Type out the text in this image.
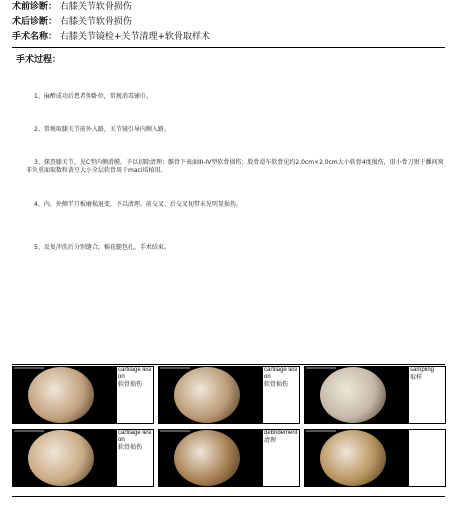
术前诊断： 右膝关节软骨损伤
术后诊断： 右膝关节软骨损伤
手术名称： 右膝关节镜检+关节清理+软骨取样术
手术过程：
1、麻醉成功后患者仰卧位，常规消毒铺巾。
2、常规取膝关节前外入路，关节镜引导内侧入路。
3、探查膝关节，见C型内侧滑膜，予以切除清理；髌骨下表面III-IV型软骨损伤；股骨滑车软骨见约2.0cm×2.0cm大小软骨4度损伤，用小骨刀钳于髁间窝非负重面取数粒黄豆大小全层软骨用于maci培植用。
4、内、外侧半月板磨损退变，予以清理。前交叉、后交叉韧带未见明显损伤。
5、反复冲洗后分别缝合，棉花腿包扎。手术结束。
cartilage lesion
软骨损伤
cartilage lesion
软骨损伤
sampling
取样
cartilage lesion
软骨损伤
debridement
清理
